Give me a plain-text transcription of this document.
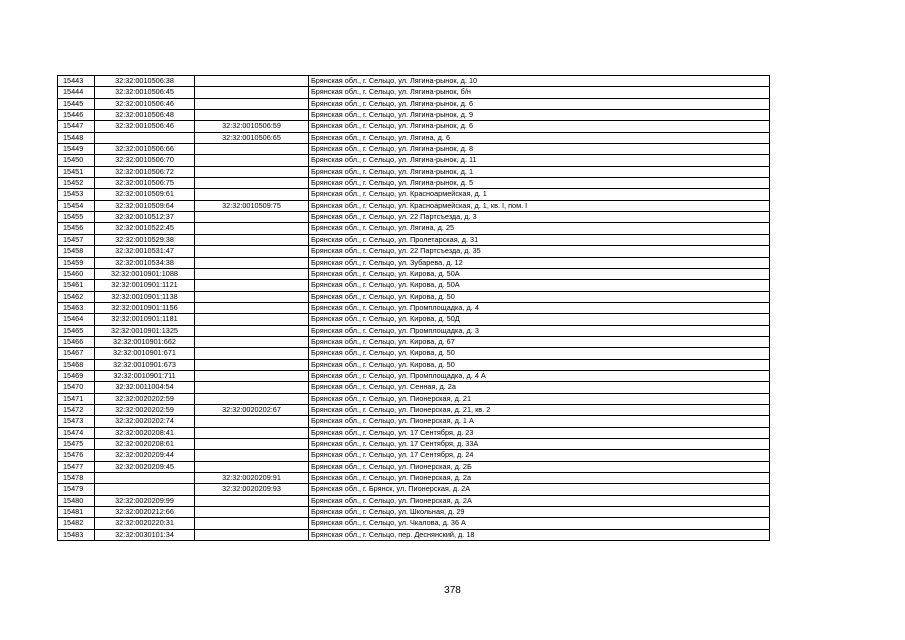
15443	32:32:0010506:38		Брянская обл., г. Сельцо, ул. Лягина-рынок, д. 10
15444	32:32:0010506:45		Брянская обл., г. Сельцо, ул. Лягина-рынок, б/н
15445	32:32:0010506:46		Брянская обл., г. Сельцо, ул. Лягина-рынок, д. 6
15446	32:32:0010506:48		Брянская обл., г. Сельцо, ул. Лягина-рынок, д. 9
15447	32:32:0010506:46	32:32:0010506:59	Брянская обл., г. Сельцо, ул. Лягина-рынок, д. 6
15448		32:32:0010506:65	Брянская обл., г. Сельцо, ул. Лягина, д. 6
15449	32:32:0010506:66		Брянская обл., г. Сельцо, ул. Лягина-рынок, д. 8
15450	32:32:0010506:70		Брянская обл., г. Сельцо, ул. Лягина-рынок, д. 11
15451	32:32:0010506:72		Брянская обл., г. Сельцо, ул. Лягина-рынок, д. 1
15452	32:32:0010506:75		Брянская обл., г. Сельцо, ул. Лягина-рынок, д. 5
15453	32:32:0010509:61		Брянская обл., г. Сельцо, ул. Красноармейская, д. 1
15454	32:32:0010509:64	32:32:0010509:75	Брянская обл., г. Сельцо, ул. Красноармейская, д. 1, кв. I, пом. I
15455	32:32:0010512:37		Брянская обл., г. Сельцо, ул. 22 Партсъезда, д. 3
15456	32:32:0010522:45		Брянская обл., г. Сельцо, ул. Лягина, д. 25
15457	32:32:0010529:38		Брянская обл., г. Сельцо, ул. Пролетарская, д. 31
15458	32:32:0010531:47		Брянская обл., г. Сельцо, ул. 22 Партсъезда, д. 35
15459	32:32:0010534:38		Брянская обл., г. Сельцо, ул. Зубарева, д. 12
15460	32:32:0010901:1088		Брянская обл., г. Сельцо, ул. Кирова, д. 50А
15461	32:32:0010901:1121		Брянская обл., г. Сельцо, ул. Кирова, д. 50А
15462	32:32:0010901:1138		Брянская обл., г. Сельцо, ул. Кирова, д. 50
15463	32:32:0010901:1156		Брянская обл., г. Сельцо, ул. Промплощадка, д. 4
15464	32:32:0010901:1181		Брянская обл., г. Сельцо, ул. Кирова, д. 50Д
15465	32:32:0010901:1325		Брянская обл., г. Сельцо, ул. Промплощадка, д. 3
15466	32:32:0010901:662		Брянская обл., г. Сельцо, ул. Кирова, д. 67
15467	32:32:0010901:671		Брянская обл., г. Сельцо, ул. Кирова, д. 50
15468	32:32:0010901:673		Брянская обл., г. Сельцо, ул. Кирова, д. 50
15469	32:32:0010901:711		Брянская обл., г. Сельцо, ул. Промплощадка, д. 4 А
15470	32:32:0011004:54		Брянская обл., г. Сельцо, ул. Сенная, д. 2а
15471	32:32:0020202:59		Брянская обл., г. Сельцо, ул. Пионерская, д. 21
15472	32:32:0020202:59	32:32:0020202:67	Брянская обл., г. Сельцо, ул. Пионерская, д. 21, кв. 2
15473	32:32:0020202:74		Брянская обл., г. Сельцо, ул. Пионерская, д. 1 А
15474	32:32:0020208:41		Брянская обл., г. Сельцо, ул. 17 Сентября, д. 23
15475	32:32:0020208:61		Брянская обл., г. Сельцо, ул. 17 Сентября, д. 33А
15476	32:32:0020209:44		Брянская обл., г. Сельцо, ул. 17 Сентября, д. 24
15477	32:32:0020209:45		Брянская обл., г. Сельцо, ул. Пионерская, д. 2Б
15478		32:32:0020209:91	Брянская обл., г. Сельцо, ул. Пионерская, д. 2а
15479		32:32:0020209:93	Брянская обл., г. Брянск, ул. Пионерская, д. 2А
15480	32:32:0020209:99		Брянская обл., г. Сельцо, ул. Пионерская, д. 2А
15481	32:32:0020212:66		Брянская обл., г. Сельцо, ул. Школьная, д. 29
15482	32:32:0020220:31		Брянская обл., г. Сельцо, ул. Чкалова, д. 36 А
15483	32:32:0030101:34		Брянская обл., г. Сельцо, пер. Деснянский, д. 18
378
